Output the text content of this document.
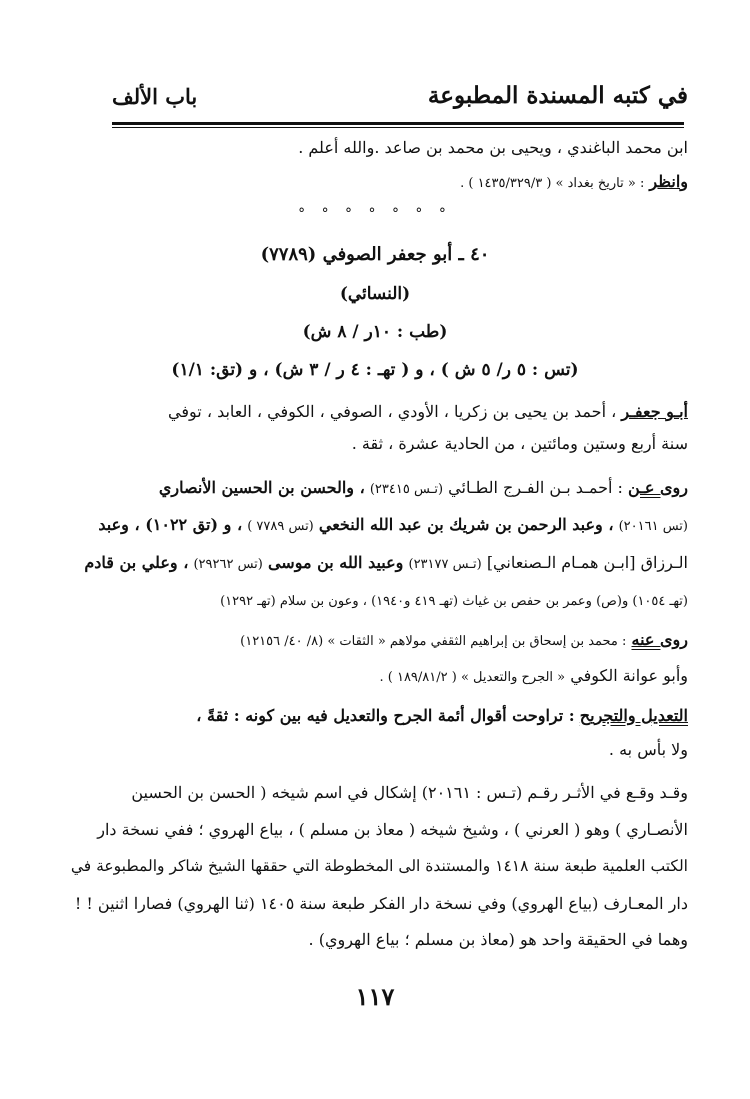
في كتبه المسندة المطبوعة
باب الألف
ابن محمد الباغندي ، ويحيى بن محمد بن صاعد .والله أعلم .
وانظر : « تاريخ بغداد » ( ١٤٣٥/٣٢٩/٣ ) .
° ° ° ° ° ° °
٤٠ ـ أبو جعفر الصوفي (٧٧٨٩)
(النسائي)
(طب : ١٠ر / ٨ ش)
(تس : ٥ ر/ ٥ ش ) ، و ( تهـ : ٤ ر / ٣ ش) ، و (تق: ١/١)
أبـو جعفـر ، أحمد بن يحيى بن زكريا ، الأودي ، الصوفي ، الكوفي ، العابد ، توفي
سنة أربع وستين ومائتين ، من الحادية عشرة ، ثقة .
روى عـن : أحمـد بـن الفـرج الطـائي (تـس ٢٣٤١٥) ، والحسن بن الحسين الأنصاري
(تس ٢٠١٦١) ، وعبد الرحمن بن شريك بن عبد الله النخعي (تس ٧٧٨٩ ) ، و (تق ١٠٢٢) ، وعبد
الـرزاق [ابـن همـام الـصنعاني] (تـس ٢٣١٧٧) وعبيد الله بن موسى (تس ٢٩٢٦٢) ، وعلي بن قادم
(تهـ ١٠٥٤) و(ص) وعمر بن حفص بن غياث (تهـ ٤١٩ و١٩٤٠) ، وعون بن سلام (تهـ ١٢٩٢)
روى عنه : محمد بن إسحاق بن إبراهيم الثقفي مولاهم « الثقات » (٨/ ٤٠/ ١٢١٥٦)
وأبو عوانة الكوفي « الجرح والتعديل » ( ١٨٩/٨١/٢ ) .
التعديل والتجريح : تراوحت أقوال أئمة الجرح والتعديل فيه بين كونه : ثقةً ،
ولا بأس به .
وقـد وقـع في الأثـر رقـم (تـس : ٢٠١٦١) إشكال في اسم شيخه ( الحسن بن الحسين
الأنصـاري ) وهو ( العرني ) ، وشيخ شيخه ( معاذ بن مسلم ) ، بياع الهروي ؛ ففي نسخة دار
الكتب العلمية طبعة سنة ١٤١٨ والمستندة الى المخطوطة التي حققها الشيخ شاكر والمطبوعة في
دار المعـارف (بياع الهروي) وفي نسخة دار الفكر طبعة سنة ١٤٠٥ (ثنا الهروي) فصارا اثنين ! !
وهما في الحقيقة واحد هو (معاذ بن مسلم ؛ بياع الهروي) .
١١٧
